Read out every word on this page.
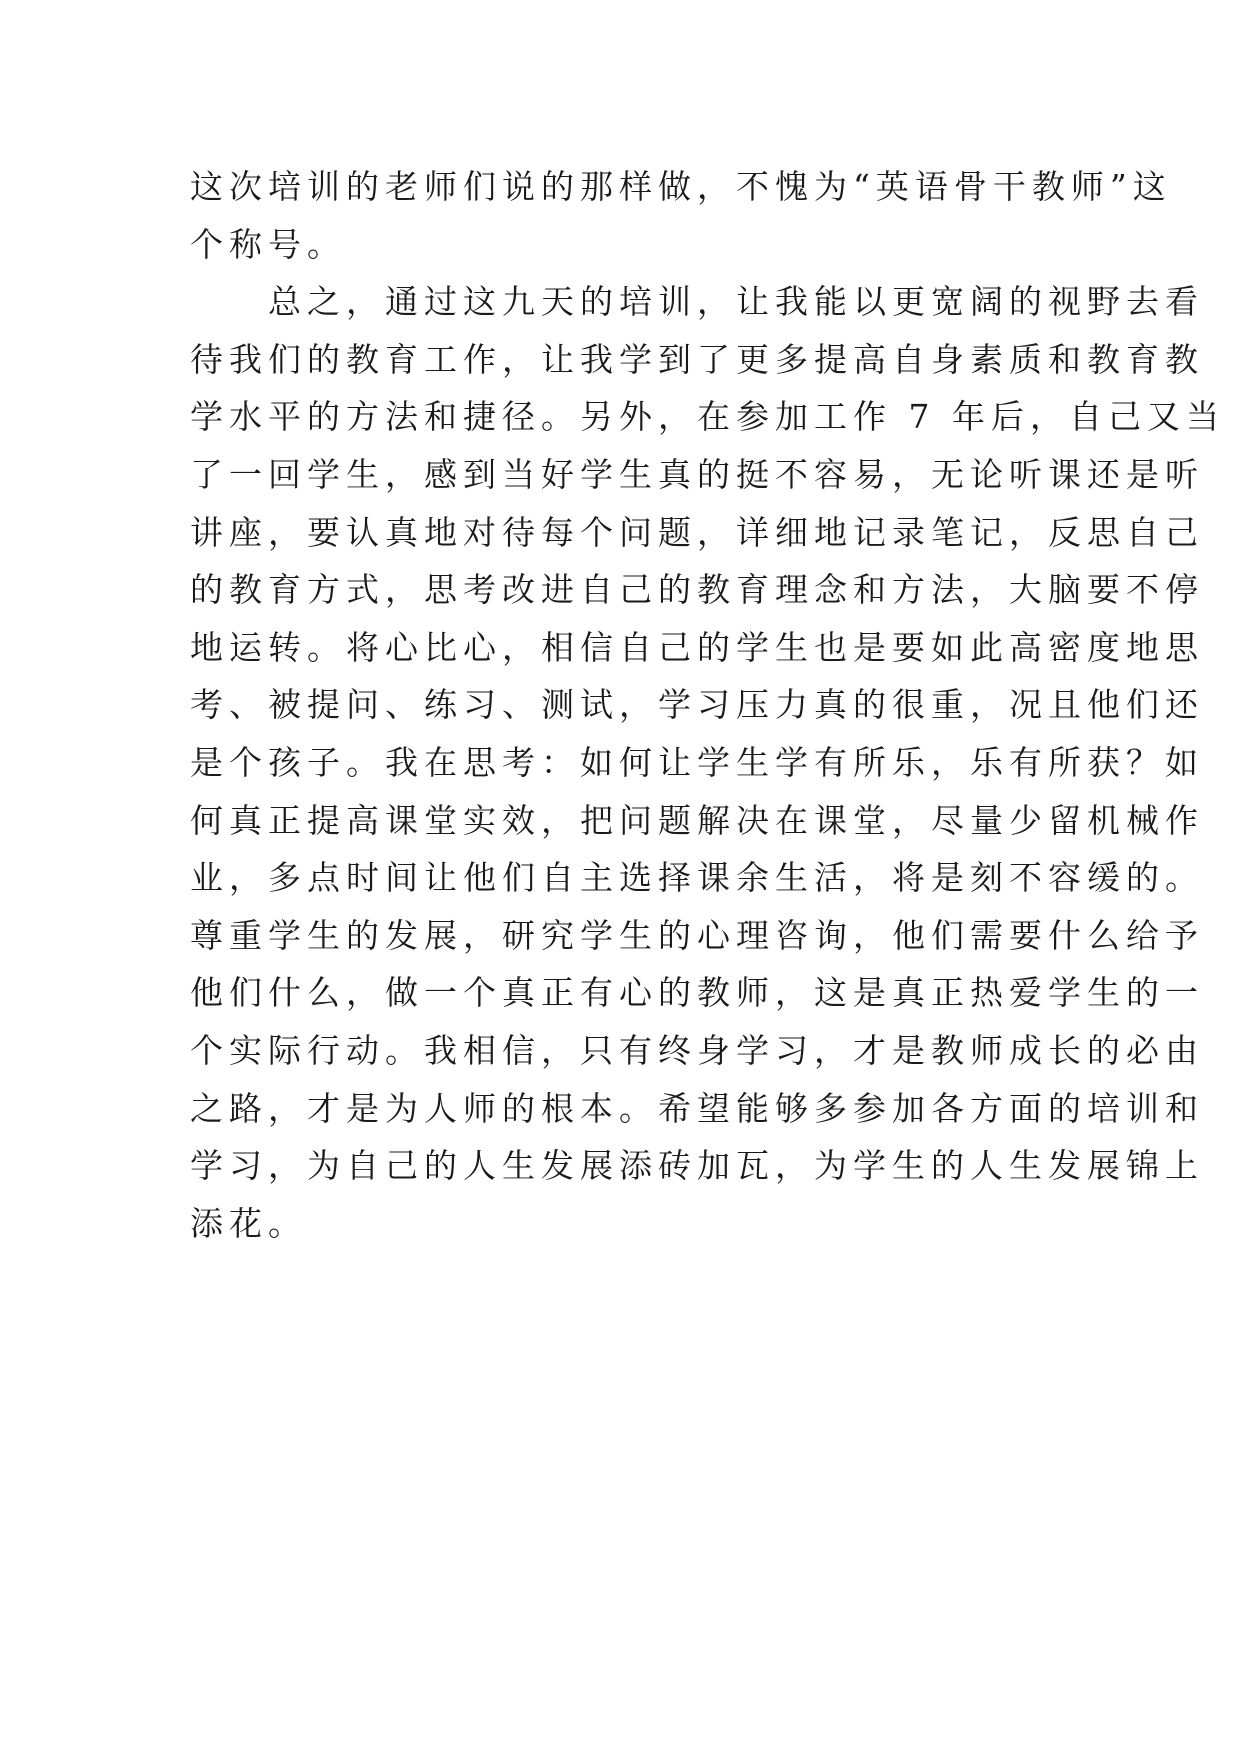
这次培训的老师们说的那样做，不愧为“英语骨干教师”这
个称号。
　　总之，通过这九天的培训，让我能以更宽阔的视野去看
待我们的教育工作，让我学到了更多提高自身素质和教育教
学水平的方法和捷径。另外，在参加工作 7 年后，自己又当
了一回学生，感到当好学生真的挺不容易，无论听课还是听
讲座，要认真地对待每个问题，详细地记录笔记，反思自己
的教育方式，思考改进自己的教育理念和方法，大脑要不停
地运转。将心比心，相信自己的学生也是要如此高密度地思
考、被提问、练习、测试，学习压力真的很重，况且他们还
是个孩子。我在思考：如何让学生学有所乐，乐有所获？如
何真正提高课堂实效，把问题解决在课堂，尽量少留机械作
业，多点时间让他们自主选择课余生活，将是刻不容缓的。
尊重学生的发展，研究学生的心理咨询，他们需要什么给予
他们什么，做一个真正有心的教师，这是真正热爱学生的一
个实际行动。我相信，只有终身学习，才是教师成长的必由
之路，才是为人师的根本。希望能够多参加各方面的培训和
学习，为自己的人生发展添砖加瓦，为学生的人生发展锦上
添花。
